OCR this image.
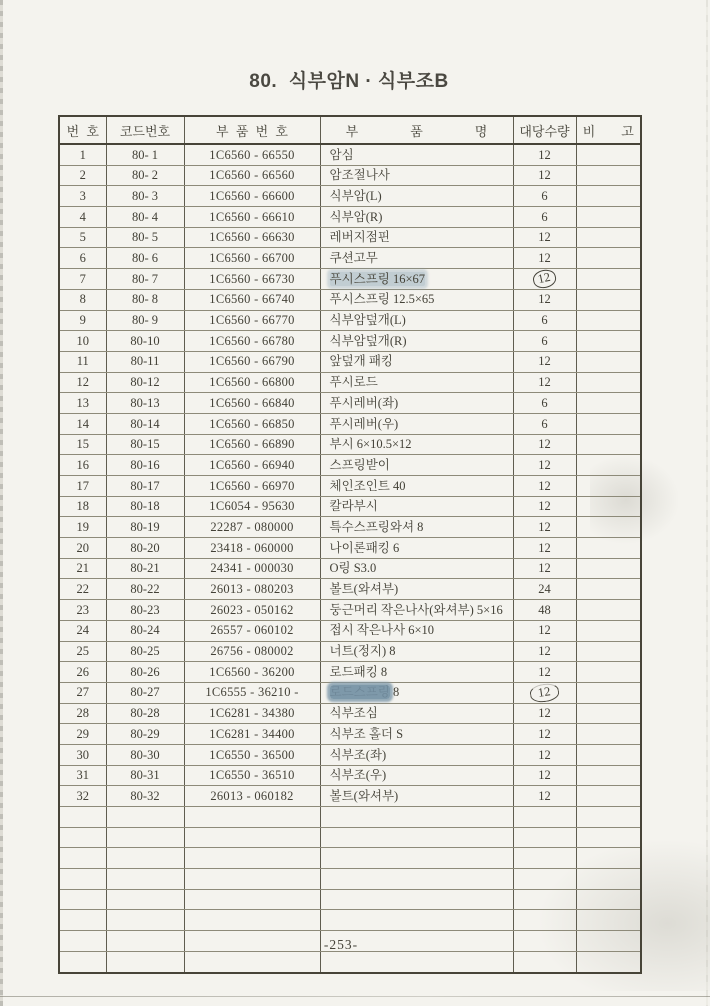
80.  식부암N · 식부조B
번  호	코드번호	부  품  번  호	부　　　　품　　　　명	대당수량	비　　고
1	80- 1	1C6560 - 66550	암심	12	
2	80- 2	1C6560 - 66560	암조절나사	12	
3	80- 3	1C6560 - 66600	식부암(L)	6	
4	80- 4	1C6560 - 66610	식부암(R)	6	
5	80- 5	1C6560 - 66630	레버지점핀	12	
6	80- 6	1C6560 - 66700	쿠션고무	12	
7	80- 7	1C6560 - 66730	푸시스프링 16×67	12	
8	80- 8	1C6560 - 66740	푸시스프링 12.5×65	12	
9	80- 9	1C6560 - 66770	식부암덮개(L)	6	
10	80-10	1C6560 - 66780	식부암덮개(R)	6	
11	80-11	1C6560 - 66790	앞덮개 패킹	12	
12	80-12	1C6560 - 66800	푸시로드	12	
13	80-13	1C6560 - 66840	푸시레버(좌)	6	
14	80-14	1C6560 - 66850	푸시레버(우)	6	
15	80-15	1C6560 - 66890	부시 6×10.5×12	12	
16	80-16	1C6560 - 66940	스프링받이	12	
17	80-17	1C6560 - 66970	체인조인트 40	12	
18	80-18	1C6054 - 95630	칼라부시	12	
19	80-19	22287 - 080000	특수스프링와셔 8	12	
20	80-20	23418 - 060000	나이론패킹 6	12	
21	80-21	24341 - 000030	O링 S3.0	12	
22	80-22	26013 - 080203	볼트(와셔부)	24	
23	80-23	26023 - 050162	둥근머리 작은나사(와셔부) 5×16	48	
24	80-24	26557 - 060102	접시 작은나사 6×10	12	
25	80-25	26756 - 080002	너트(정지) 8	12	
26	80-26	1C6560 - 36200	로드패킹 8	12	
27	80-27	1C6555 - 36210 -	로드스프링 8	12	
28	80-28	1C6281 - 34380	식부조심	12	
29	80-29	1C6281 - 34400	식부조 홀더 S	12	
30	80-30	1C6550 - 36500	식부조(좌)	12	
31	80-31	1C6550 - 36510	식부조(우)	12	
32	80-32	26013 - 060182	볼트(와셔부)	12	

-253-
